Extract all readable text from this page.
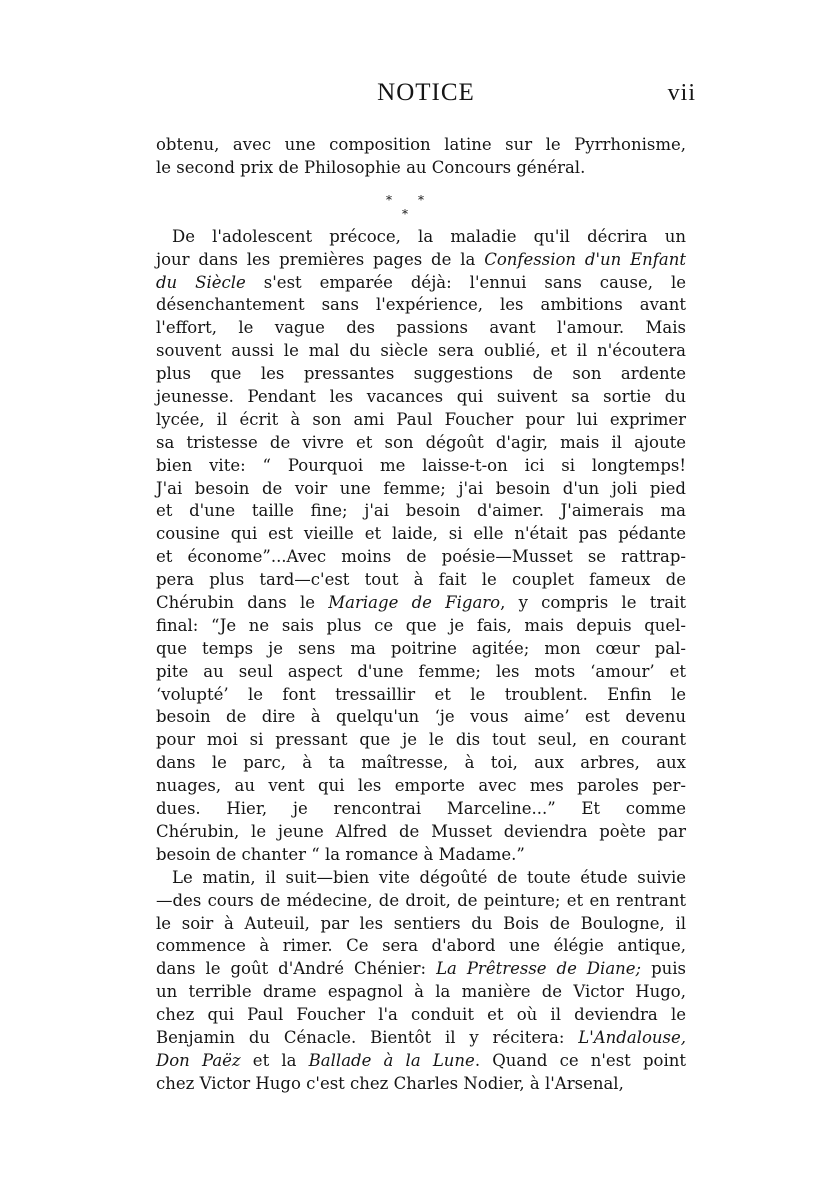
NOTICE	vii
obtenu, avec une composition latine sur le Pyrrhonisme,
le second prix de Philosophie au Concours général.
* *
*
De l'adolescent précoce, la maladie qu'il décrira un
jour dans les premières pages de la Confession d'un Enfant
du Siècle s'est emparée déjà: l'ennui sans cause, le
désenchantement sans l'expérience, les ambitions avant
l'effort, le vague des passions avant l'amour. Mais
souvent aussi le mal du siècle sera oublié, et il n'écoutera
plus que les pressantes suggestions de son ardente
jeunesse. Pendant les vacances qui suivent sa sortie du
lycée, il écrit à son ami Paul Foucher pour lui exprimer
sa tristesse de vivre et son dégoût d'agir, mais il ajoute
bien vite: “ Pourquoi me laisse-t-on ici si longtemps!
J'ai besoin de voir une femme; j'ai besoin d'un joli pied
et d'une taille fine; j'ai besoin d'aimer. J'aimerais ma
cousine qui est vieille et laide, si elle n'était pas pédante
et économe”...Avec moins de poésie—Musset se rattrap-
pera plus tard—c'est tout à fait le couplet fameux de
Chérubin dans le Mariage de Figaro, y compris le trait
final: “Je ne sais plus ce que je fais, mais depuis quel-
que temps je sens ma poitrine agitée; mon cœur pal-
pite au seul aspect d'une femme; les mots ‘amour’ et
‘volupté’ le font tressaillir et le troublent. Enfin le
besoin de dire à quelqu'un ‘je vous aime’ est devenu
pour moi si pressant que je le dis tout seul, en courant
dans le parc, à ta maîtresse, à toi, aux arbres, aux
nuages, au vent qui les emporte avec mes paroles per-
dues. Hier, je rencontrai Marceline...” Et comme
Chérubin, le jeune Alfred de Musset deviendra poète par
besoin de chanter “ la romance à Madame.”
Le matin, il suit—bien vite dégoûté de toute étude suivie
—des cours de médecine, de droit, de peinture; et en rentrant
le soir à Auteuil, par les sentiers du Bois de Boulogne, il
commence à rimer. Ce sera d'abord une élégie antique,
dans le goût d'André Chénier: La Prêtresse de Diane; puis
un terrible drame espagnol à la manière de Victor Hugo,
chez qui Paul Foucher l'a conduit et où il deviendra le
Benjamin du Cénacle. Bientôt il y récitera: L'Andalouse,
Don Paëz et la Ballade à la Lune. Quand ce n'est point
chez Victor Hugo c'est chez Charles Nodier, à l'Arsenal,
